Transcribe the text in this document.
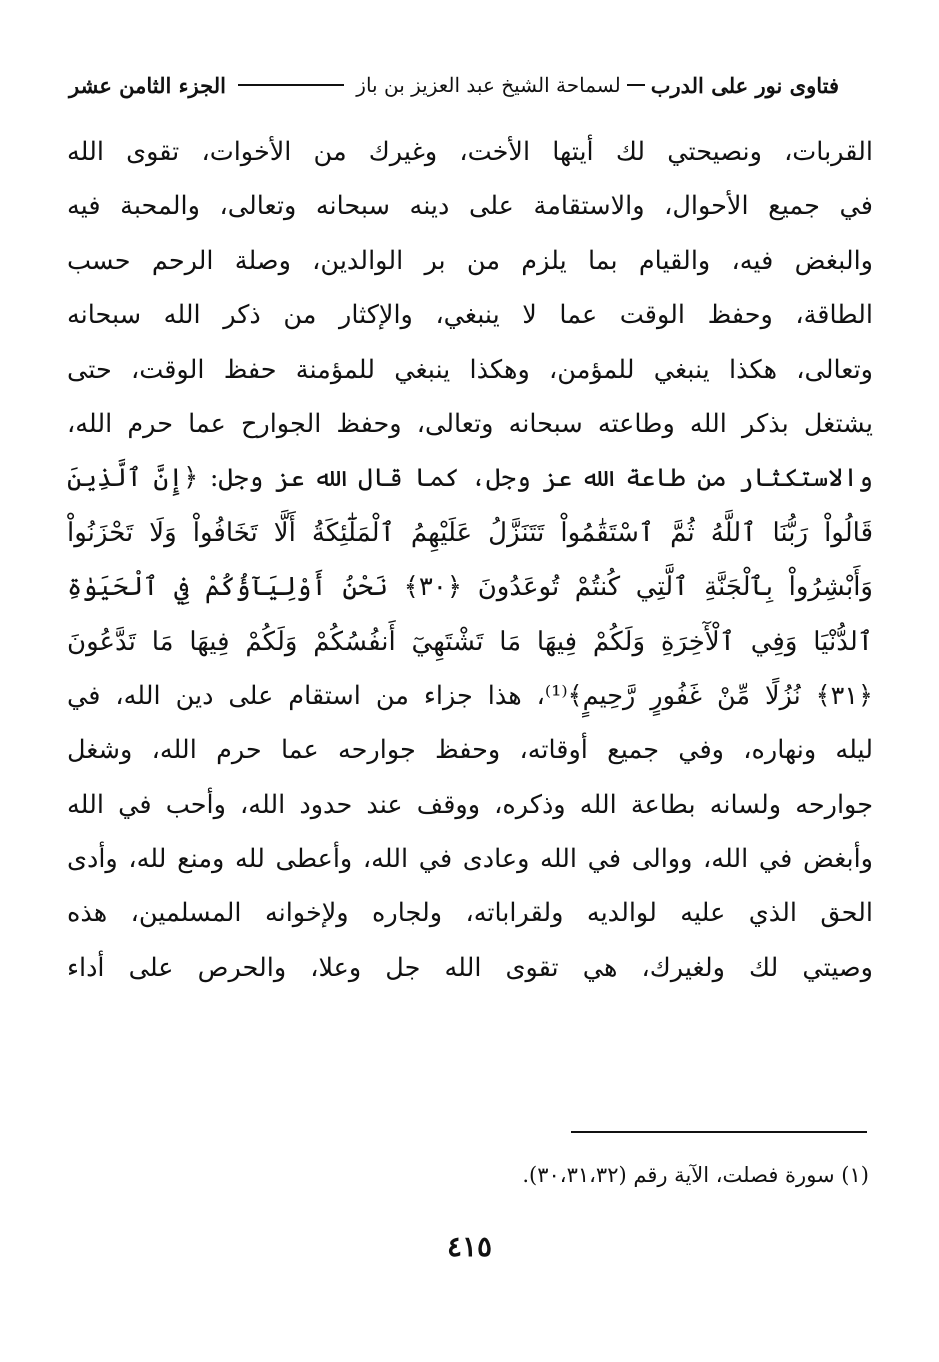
فتاوى نور على الدرب
لسماحة الشيخ عبد العزيز بن باز
الجزء الثامن عشر
القربات، ونصيحتي لك أيتها الأخت، وغيرك من الأخوات، تقوى الله
في جميع الأحوال، والاستقامة على دينه سبحانه وتعالى، والمحبة فيه
والبغض فيه، والقيام بما يلزم من بر الوالدين، وصلة الرحم حسب
الطاقة، وحفظ الوقت عما لا ينبغي، والإكثار من ذكر الله سبحانه
وتعالى، هكذا ينبغي للمؤمن، وهكذا ينبغي للمؤمنة حفظ الوقت، حتى
يشتغل بذكر الله وطاعته سبحانه وتعالى، وحفظ الجوارح عما حرم الله،
والاستكثار من طاعة الله عز وجل، كما قال الله عز وجل: ﴿إِنَّ ٱلَّذِينَ
قَالُواْ رَبُّنَا ٱللَّهُ ثُمَّ ٱسْتَقَٰمُواْ تَتَنَزَّلُ عَلَيْهِمُ ٱلْمَلَٰٓئِكَةُ أَلَّا تَخَافُواْ وَلَا تَحْزَنُواْ
وَأَبْشِرُواْ بِٱلْجَنَّةِ ٱلَّتِي كُنتُمْ تُوعَدُونَ ﴿٣٠﴾ نَحْنُ أَوْلِيَآؤُكُمْ فِي ٱلْحَيَوٰةِ
ٱلدُّنْيَا وَفِي ٱلْأٓخِرَةِ وَلَكُمْ فِيهَا مَا تَشْتَهِيٓ أَنفُسُكُمْ وَلَكُمْ فِيهَا مَا تَدَّعُونَ
﴿٣١﴾ نُزُلًا مِّنْ غَفُورٍ رَّحِيمٍ﴾⁽¹⁾، هذا جزاء من استقام على دين الله، في
ليله ونهاره، وفي جميع أوقاته، وحفظ جوارحه عما حرم الله، وشغل
جوارحه ولسانه بطاعة الله وذكره، ووقف عند حدود الله، وأحب في الله
وأبغض في الله، ووالى في الله وعادى في الله، وأعطى لله ومنع لله، وأدى
الحق الذي عليه لوالديه ولقراباته، ولجاره ولإخوانه المسلمين، هذه
وصيتي لك ولغيرك، هي تقوى الله جل وعلا، والحرص على أداء
(١) سورة فصلت، الآية رقم (٣٠،٣١،٣٢).
٤١٥
